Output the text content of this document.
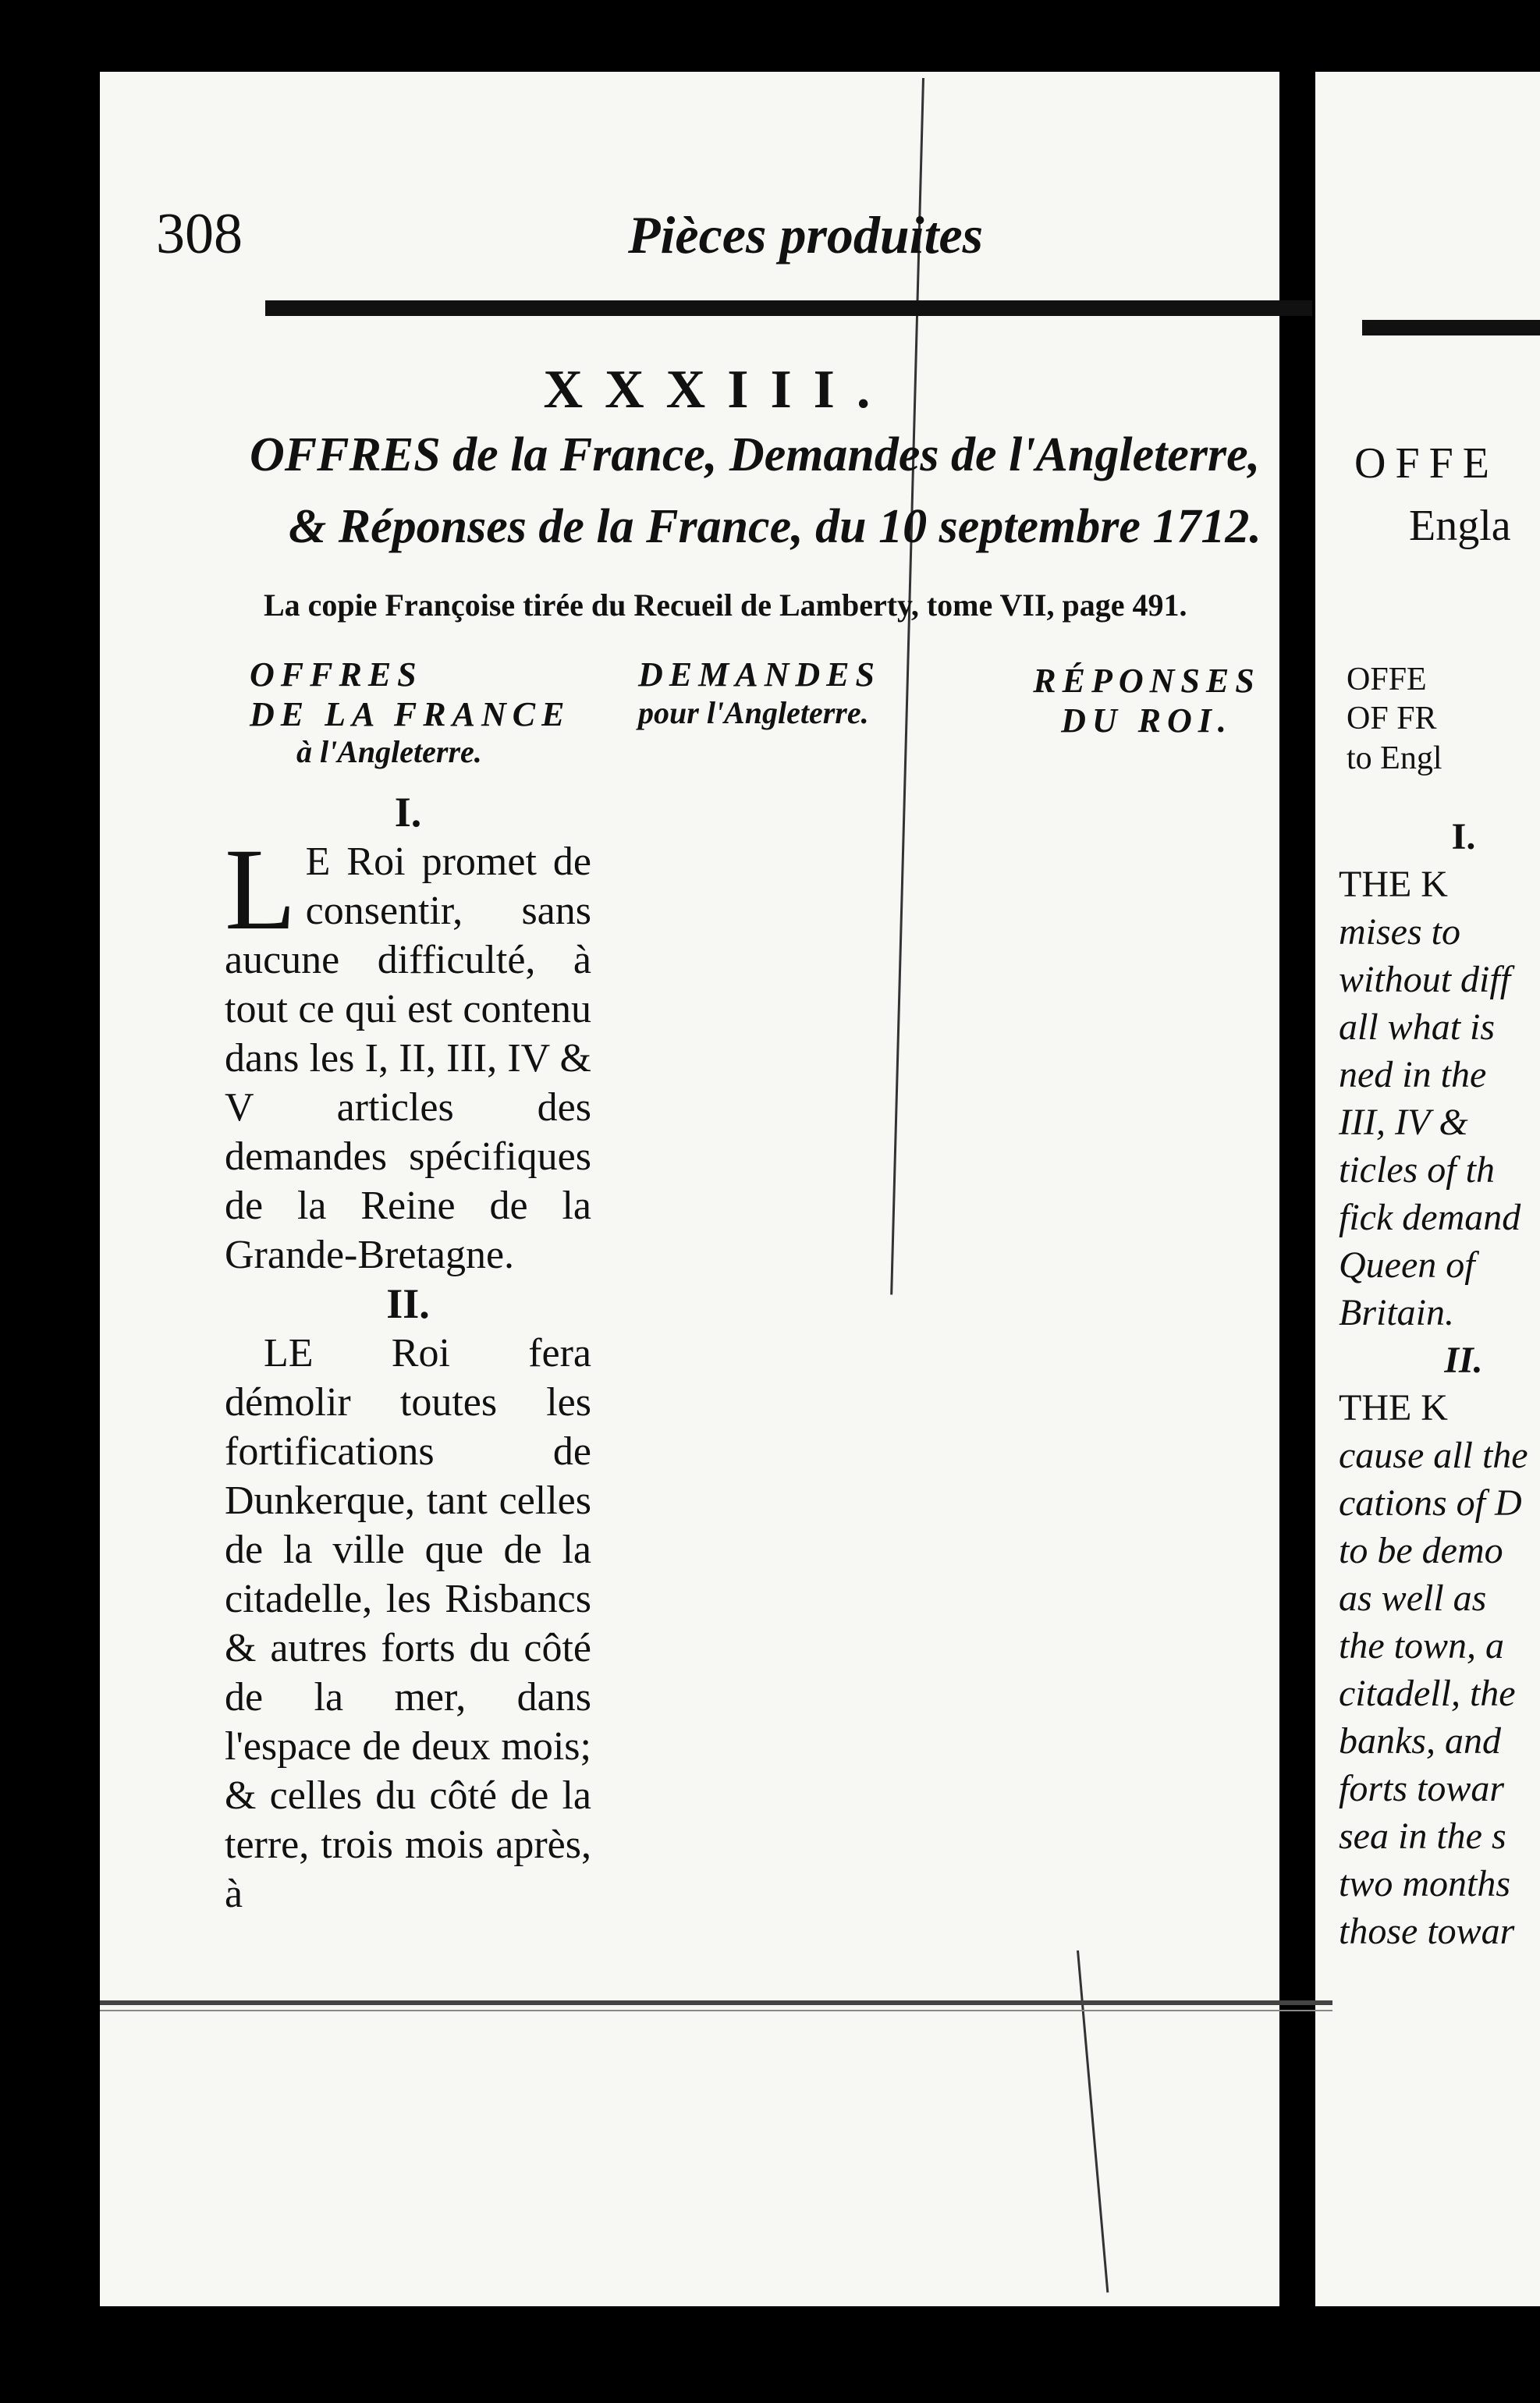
OFFE
Engla
OFFE
OF FR
to Engl
I.
THE K
mises to
without diff
all what is
ned in the
III, IV &
ticles of th
fick demand
Queen of
Britain.
II.
THE K
cause all the
cations of D
to be demo
as well as
the town, a
citadell, the
banks, and
forts towar
sea in the s
two months
those towar
308	Pièces produites
XXXIII.
OFFRES de la France, Demandes de l'Angleterre,
& Réponses de la France, du 10 septembre 1712.
La copie Françoise tirée du Recueil de Lamberty, tome VII, page 491.
OFFRES
DE LA FRANCE
à l'Angleterre.
DEMANDES
pour l'Angleterre.
RÉPONSES
DU ROI.
I.

L E Roi promet de consentir, sans aucune difficulté, à tout ce qui est contenu dans les I, II, III, IV & V articles des demandes spécifiques de la Reine de la Grande-Bretagne.

II.

LE Roi fera démolir toutes les fortifications de Dunkerque, tant celles de la ville que de la citadelle, les Risbancs & autres forts du côté de la mer, dans l'espace de deux mois; & celles du côté de la terre, trois mois après, à
